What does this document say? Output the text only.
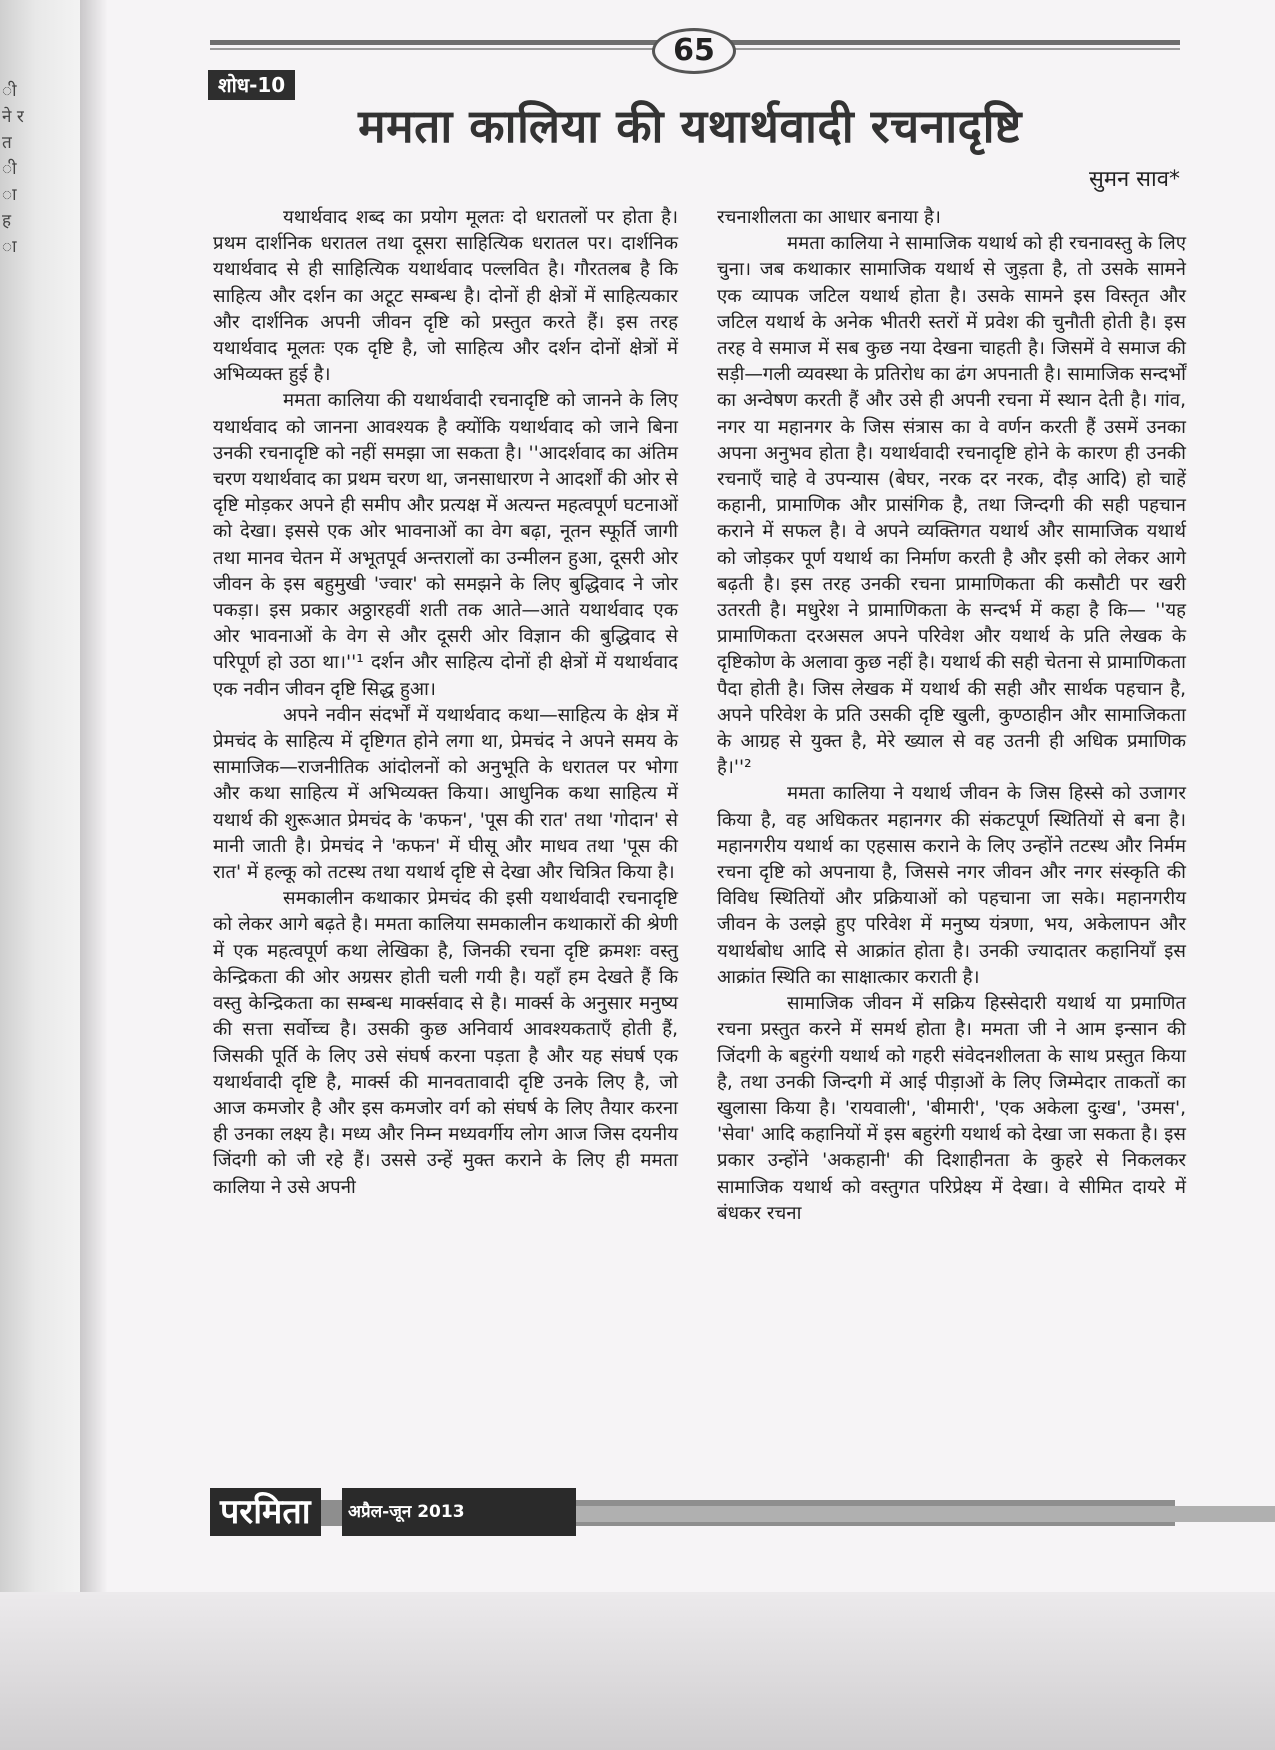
ी ने र त ी ा ह ा
65
शोध-10
ममता कालिया की यथार्थवादी रचनादृष्टि
सुमन साव*

यथार्थवाद शब्द का प्रयोग मूलतः दो धरातलों पर होता है। प्रथम दार्शनिक धरातल तथा दूसरा साहित्यिक धरातल पर। दार्शनिक यथार्थवाद से ही साहित्यिक यथार्थवाद पल्लवित है। गौरतलब है कि साहित्य और दर्शन का अटूट सम्बन्ध है। दोनों ही क्षेत्रों में साहित्यकार और दार्शनिक अपनी जीवन दृष्टि को प्रस्तुत करते हैं। इस तरह यथार्थवाद मूलतः एक दृष्टि है, जो साहित्य और दर्शन दोनों क्षेत्रों में अभिव्यक्त हुई है।

ममता कालिया की यथार्थवादी रचनादृष्टि को जानने के लिए यथार्थवाद को जानना आवश्यक है क्योंकि यथार्थवाद को जाने बिना उनकी रचनादृष्टि को नहीं समझा जा सकता है। ''आदर्शवाद का अंतिम चरण यथार्थवाद का प्रथम चरण था, जनसाधारण ने आदर्शों की ओर से दृष्टि मोड़कर अपने ही समीप और प्रत्यक्ष में अत्यन्त महत्वपूर्ण घटनाओं को देखा। इससे एक ओर भावनाओं का वेग बढ़ा, नूतन स्फूर्ति जागी तथा मानव चेतन में अभूतपूर्व अन्तरालों का उन्मीलन हुआ, दूसरी ओर जीवन के इस बहुमुखी 'ज्वार' को समझने के लिए बुद्धिवाद ने जोर पकड़ा। इस प्रकार अठ्ठारहवीं शती तक आते—आते यथार्थवाद एक ओर भावनाओं के वेग से और दूसरी ओर विज्ञान की बुद्धिवाद से परिपूर्ण हो उठा था।''¹ दर्शन और साहित्य दोनों ही क्षेत्रों में यथार्थवाद एक नवीन जीवन दृष्टि सिद्ध हुआ।

अपने नवीन संदर्भों में यथार्थवाद कथा—साहित्य के क्षेत्र में प्रेमचंद के साहित्य में दृष्टिगत होने लगा था, प्रेमचंद ने अपने समय के सामाजिक—राजनीतिक आंदोलनों को अनुभूति के धरातल पर भोगा और कथा साहित्य में अभिव्यक्त किया। आधुनिक कथा साहित्य में यथार्थ की शुरूआत प्रेमचंद के 'कफन', 'पूस की रात' तथा 'गोदान' से मानी जाती है। प्रेमचंद ने 'कफन' में घीसू और माधव तथा 'पूस की रात' में हल्कू को तटस्थ तथा यथार्थ दृष्टि से देखा और चित्रित किया है।

समकालीन कथाकार प्रेमचंद की इसी यथार्थवादी रचनादृष्टि को लेकर आगे बढ़ते है। ममता कालिया समकालीन कथाकारों की श्रेणी में एक महत्वपूर्ण कथा लेखिका है, जिनकी रचना दृष्टि क्रमशः वस्तु केन्द्रिकता की ओर अग्रसर होती चली गयी है। यहाँ हम देखते हैं कि वस्तु केन्द्रिकता का सम्बन्ध मार्क्सवाद से है। मार्क्स के अनुसार मनुष्य की सत्ता सर्वोच्च है। उसकी कुछ अनिवार्य आवश्यकताएँ होती हैं, जिसकी पूर्ति के लिए उसे संघर्ष करना पड़ता है और यह संघर्ष एक यथार्थवादी दृष्टि है, मार्क्स की मानवतावादी दृष्टि उनके लिए है, जो आज कमजोर है और इस कमजोर वर्ग को संघर्ष के लिए तैयार करना ही उनका लक्ष्य है। मध्य और निम्न मध्यवर्गीय लोग आज जिस दयनीय जिंदगी को जी रहे हैं। उससे उन्हें मुक्त कराने के लिए ही ममता कालिया ने उसे अपनी

रचनाशीलता का आधार बनाया है।

ममता कालिया ने सामाजिक यथार्थ को ही रचनावस्तु के लिए चुना। जब कथाकार सामाजिक यथार्थ से जुड़ता है, तो उसके सामने एक व्यापक जटिल यथार्थ होता है। उसके सामने इस विस्तृत और जटिल यथार्थ के अनेक भीतरी स्तरों में प्रवेश की चुनौती होती है। इस तरह वे समाज में सब कुछ नया देखना चाहती है। जिसमें वे समाज की सड़ी—गली व्यवस्था के प्रतिरोध का ढंग अपनाती है। सामाजिक सन्दर्भों का अन्वेषण करती हैं और उसे ही अपनी रचना में स्थान देती है। गांव, नगर या महानगर के जिस संत्रास का वे वर्णन करती हैं उसमें उनका अपना अनुभव होता है। यथार्थवादी रचनादृष्टि होने के कारण ही उनकी रचनाएँ चाहे वे उपन्यास (बेघर, नरक दर नरक, दौड़ आदि) हो चाहें कहानी, प्रामाणिक और प्रासंगिक है, तथा जिन्दगी की सही पहचान कराने में सफल है। वे अपने व्यक्तिगत यथार्थ और सामाजिक यथार्थ को जोड़कर पूर्ण यथार्थ का निर्माण करती है और इसी को लेकर आगे बढ़ती है। इस तरह उनकी रचना प्रामाणिकता की कसौटी पर खरी उतरती है। मधुरेश ने प्रामाणिकता के सन्दर्भ में कहा है कि— ''यह प्रामाणिकता दरअसल अपने परिवेश और यथार्थ के प्रति लेखक के दृष्टिकोण के अलावा कुछ नहीं है। यथार्थ की सही चेतना से प्रामाणिकता पैदा होती है। जिस लेखक में यथार्थ की सही और सार्थक पहचान है, अपने परिवेश के प्रति उसकी दृष्टि खुली, कुण्ठाहीन और सामाजिकता के आग्रह से युक्त है, मेरे ख्याल से वह उतनी ही अधिक प्रमाणिक है।''²

ममता कालिया ने यथार्थ जीवन के जिस हिस्से को उजागर किया है, वह अधिकतर महानगर की संकटपूर्ण स्थितियों से बना है। महानगरीय यथार्थ का एहसास कराने के लिए उन्होंने तटस्थ और निर्मम रचना दृष्टि को अपनाया है, जिससे नगर जीवन और नगर संस्कृति की विविध स्थितियों और प्रक्रियाओं को पहचाना जा सके। महानगरीय जीवन के उलझे हुए परिवेश में मनुष्य यंत्रणा, भय, अकेलापन और यथार्थबोध आदि से आक्रांत होता है। उनकी ज्यादातर कहानियाँ इस आक्रांत स्थिति का साक्षात्कार कराती है।

सामाजिक जीवन में सक्रिय हिस्सेदारी यथार्थ या प्रमाणित रचना प्रस्तुत करने में समर्थ होता है। ममता जी ने आम इन्सान की जिंदगी के बहुरंगी यथार्थ को गहरी संवेदनशीलता के साथ प्रस्तुत किया है, तथा उनकी जिन्दगी में आई पीड़ाओं के लिए जिम्मेदार ताकतों का खुलासा किया है। 'रायवाली', 'बीमारी', 'एक अकेला दुःख', 'उमस', 'सेवा' आदि कहानियों में इस बहुरंगी यथार्थ को देखा जा सकता है। इस प्रकार उन्होंने 'अकहानी' की दिशाहीनता के कुहरे से निकलकर सामाजिक यथार्थ को वस्तुगत परिप्रेक्ष्य में देखा। वे सीमित दायरे में बंधकर रचना

परमिता	अप्रैल-जून 2013
